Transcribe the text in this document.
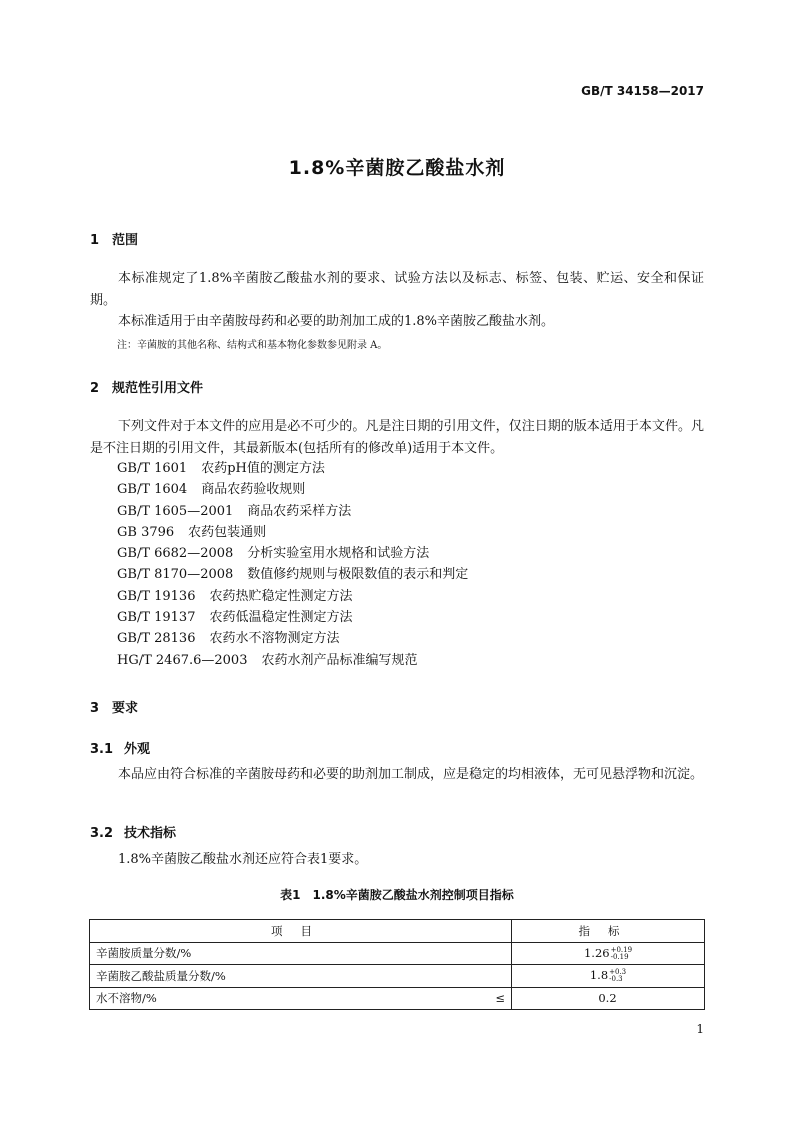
GB/T 34158—2017
1.8%辛菌胺乙酸盐水剂
1 范围
本标准规定了1.8%辛菌胺乙酸盐水剂的要求、试验方法以及标志、标签、包装、贮运、安全和保证期。
本标准适用于由辛菌胺母药和必要的助剂加工成的1.8%辛菌胺乙酸盐水剂。
注：辛菌胺的其他名称、结构式和基本物化参数参见附录 A。
2 规范性引用文件
下列文件对于本文件的应用是必不可少的。凡是注日期的引用文件，仅注日期的版本适用于本文件。凡是不注日期的引用文件，其最新版本(包括所有的修改单)适用于本文件。
GB/T 1601 农药pH值的测定方法
GB/T 1604 商品农药验收规则
GB/T 1605—2001 商品农药采样方法
GB 3796 农药包装通则
GB/T 6682—2008 分析实验室用水规格和试验方法
GB/T 8170—2008 数值修约规则与极限数值的表示和判定
GB/T 19136 农药热贮稳定性测定方法
GB/T 19137 农药低温稳定性测定方法
GB/T 28136 农药水不溶物测定方法
HG/T 2467.6—2003 农药水剂产品标准编写规范
3 要求
3.1 外观
本品应由符合标准的辛菌胺母药和必要的助剂加工制成，应是稳定的均相液体，无可见悬浮物和沉淀。
3.2 技术指标
1.8%辛菌胺乙酸盐水剂还应符合表1要求。
表1　1.8%辛菌胺乙酸盐水剂控制项目指标
项目	指标
辛菌胺质量分数/%	1.26 +0.19
-0.19

辛菌胺乙酸盐质量分数/%	1.8 +0.3
-0.3

水不溶物/% ≤	0.2
1
